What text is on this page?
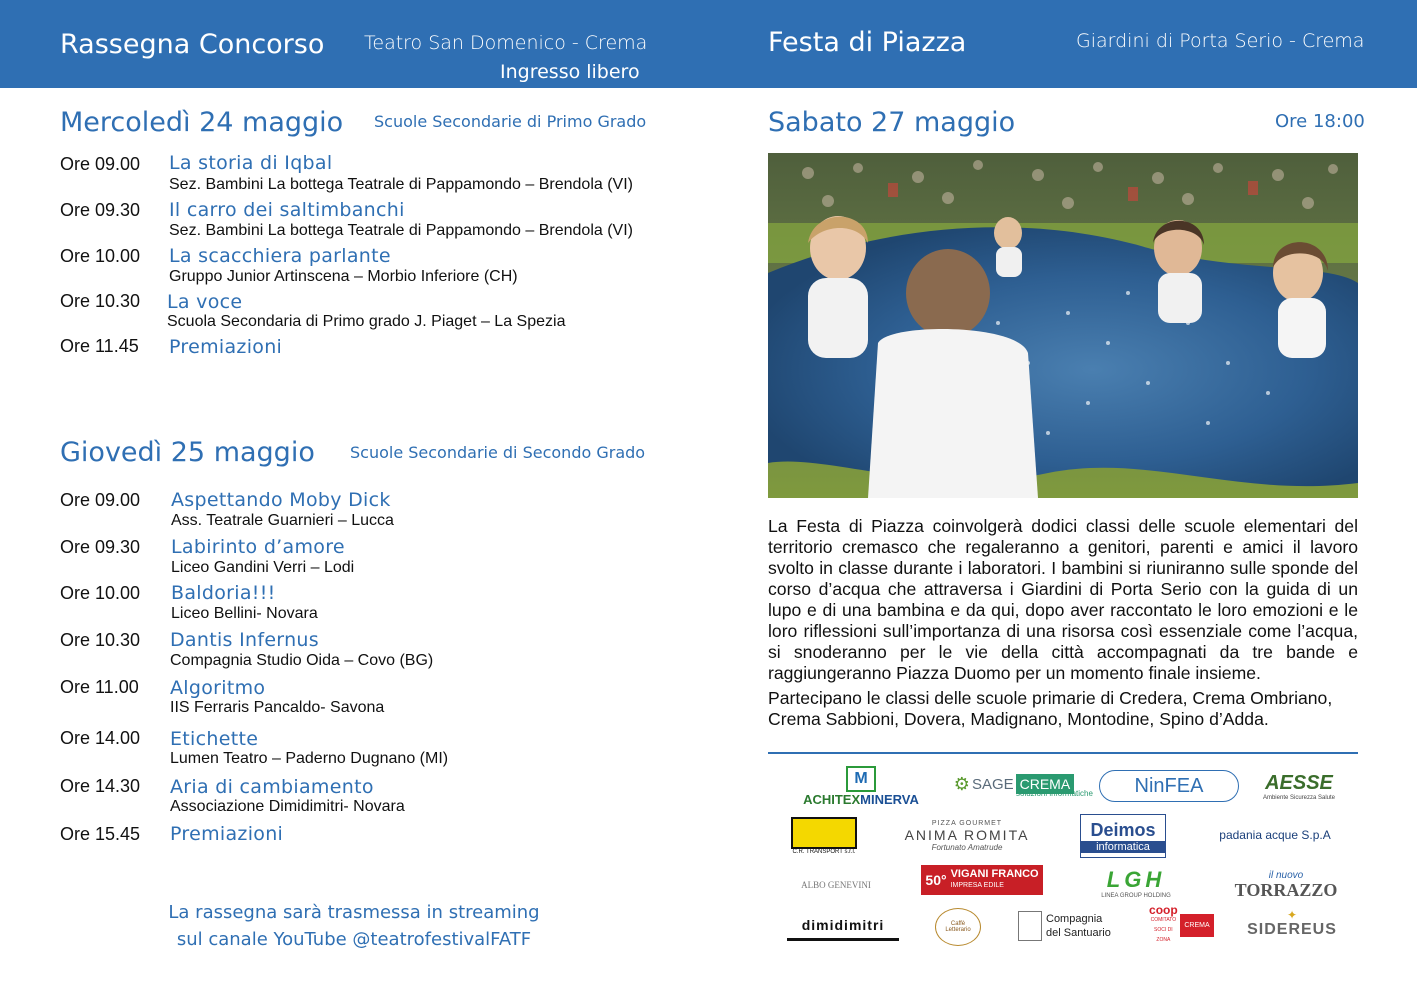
Rassegna Concorso Teatro San Domenico - Crema
Ingresso libero
Festa di Piazza	Giardini di Porta Serio - Crema
Mercoledì 24 maggio Scuole Secondarie di Primo Grado
Ore 09.00 La storia di Iqbal
Sez. Bambini La bottega Teatrale di Pappamondo – Brendola (VI)
Ore 09.30 Il carro dei saltimbanchi
Sez. Bambini La bottega Teatrale di Pappamondo – Brendola (VI)
Ore 10.00 La scacchiera parlante
Gruppo Junior Artinscena – Morbio Inferiore (CH)
Ore 10.30 La voce
Scuola Secondaria di Primo grado J. Piaget – La Spezia
Ore 11.45 Premiazioni
Giovedì 25 maggio Scuole Secondarie di Secondo Grado
Ore 09.00 Aspettando Moby Dick
Ass. Teatrale Guarnieri – Lucca
Ore 09.30 Labirinto d’amore
Liceo Gandini Verri – Lodi
Ore 10.00 Baldoria!!!
Liceo Bellini- Novara
Ore 10.30 Dantis Infernus
Compagnia Studio Oida – Covo (BG)
Ore 11.00 Algoritmo
IIS Ferraris Pancaldo- Savona
Ore 14.00 Etichette
Lumen Teatro – Paderno Dugnano (MI)
Ore 14.30 Aria di cambiamento
Associazione Dimidimitri- Novara
Ore 15.45 Premiazioni
La rassegna sarà trasmessa in streaming
sul canale YouTube @teatrofestivalFATF
Sabato 27 maggio	Ore 18:00

La Festa di Piazza coinvolgerà dodici classi delle scuole elementari del territorio cremasco che regaleranno a genitori, parenti e amici il lavoro svolto in classe durante i laboratori. I bambini si riuniranno sulle sponde del corso d’acqua che attraversa i Giardini di Porta Serio con la guida di un lupo e di una bambina e da qui, dopo aver raccontato le loro emozioni e le loro riflessioni sull’importanza di una risorsa così essenziale come l’acqua, si snoderanno per le vie della città accompagnati da tre bande e raggiungeranno Piazza Duomo per un momento finale insieme.

Partecipano le classi delle scuole primarie di Credera, Crema Ombriano, Crema Sabbioni, Dovera, Madignano, Montodine, Spino d’Adda.

M
ACHITEXMINERVA
⚙ SAGE CREMA
soluzioni informatiche NinFEA	AESSE
Ambiente Sicurezza Salute
C.R. TRANSPORT s.r.l.
PIZZA GOURMET
ANIMA ROMITA
Fortunato Amatrude
Deimos
informatica
padania acque S.p.A
ALBO GENEVINI	50° VIGANI FRANCO
IMPRESA EDILE	LGH
LINEA GROUP HOLDING
il nuovo
TORRAZZO
dimidimitri	Caffè Letterario
Compagnia
del Santuario
coop
COMITATO SOCI DI ZONA
CREMA
✦
SIDEREUS
